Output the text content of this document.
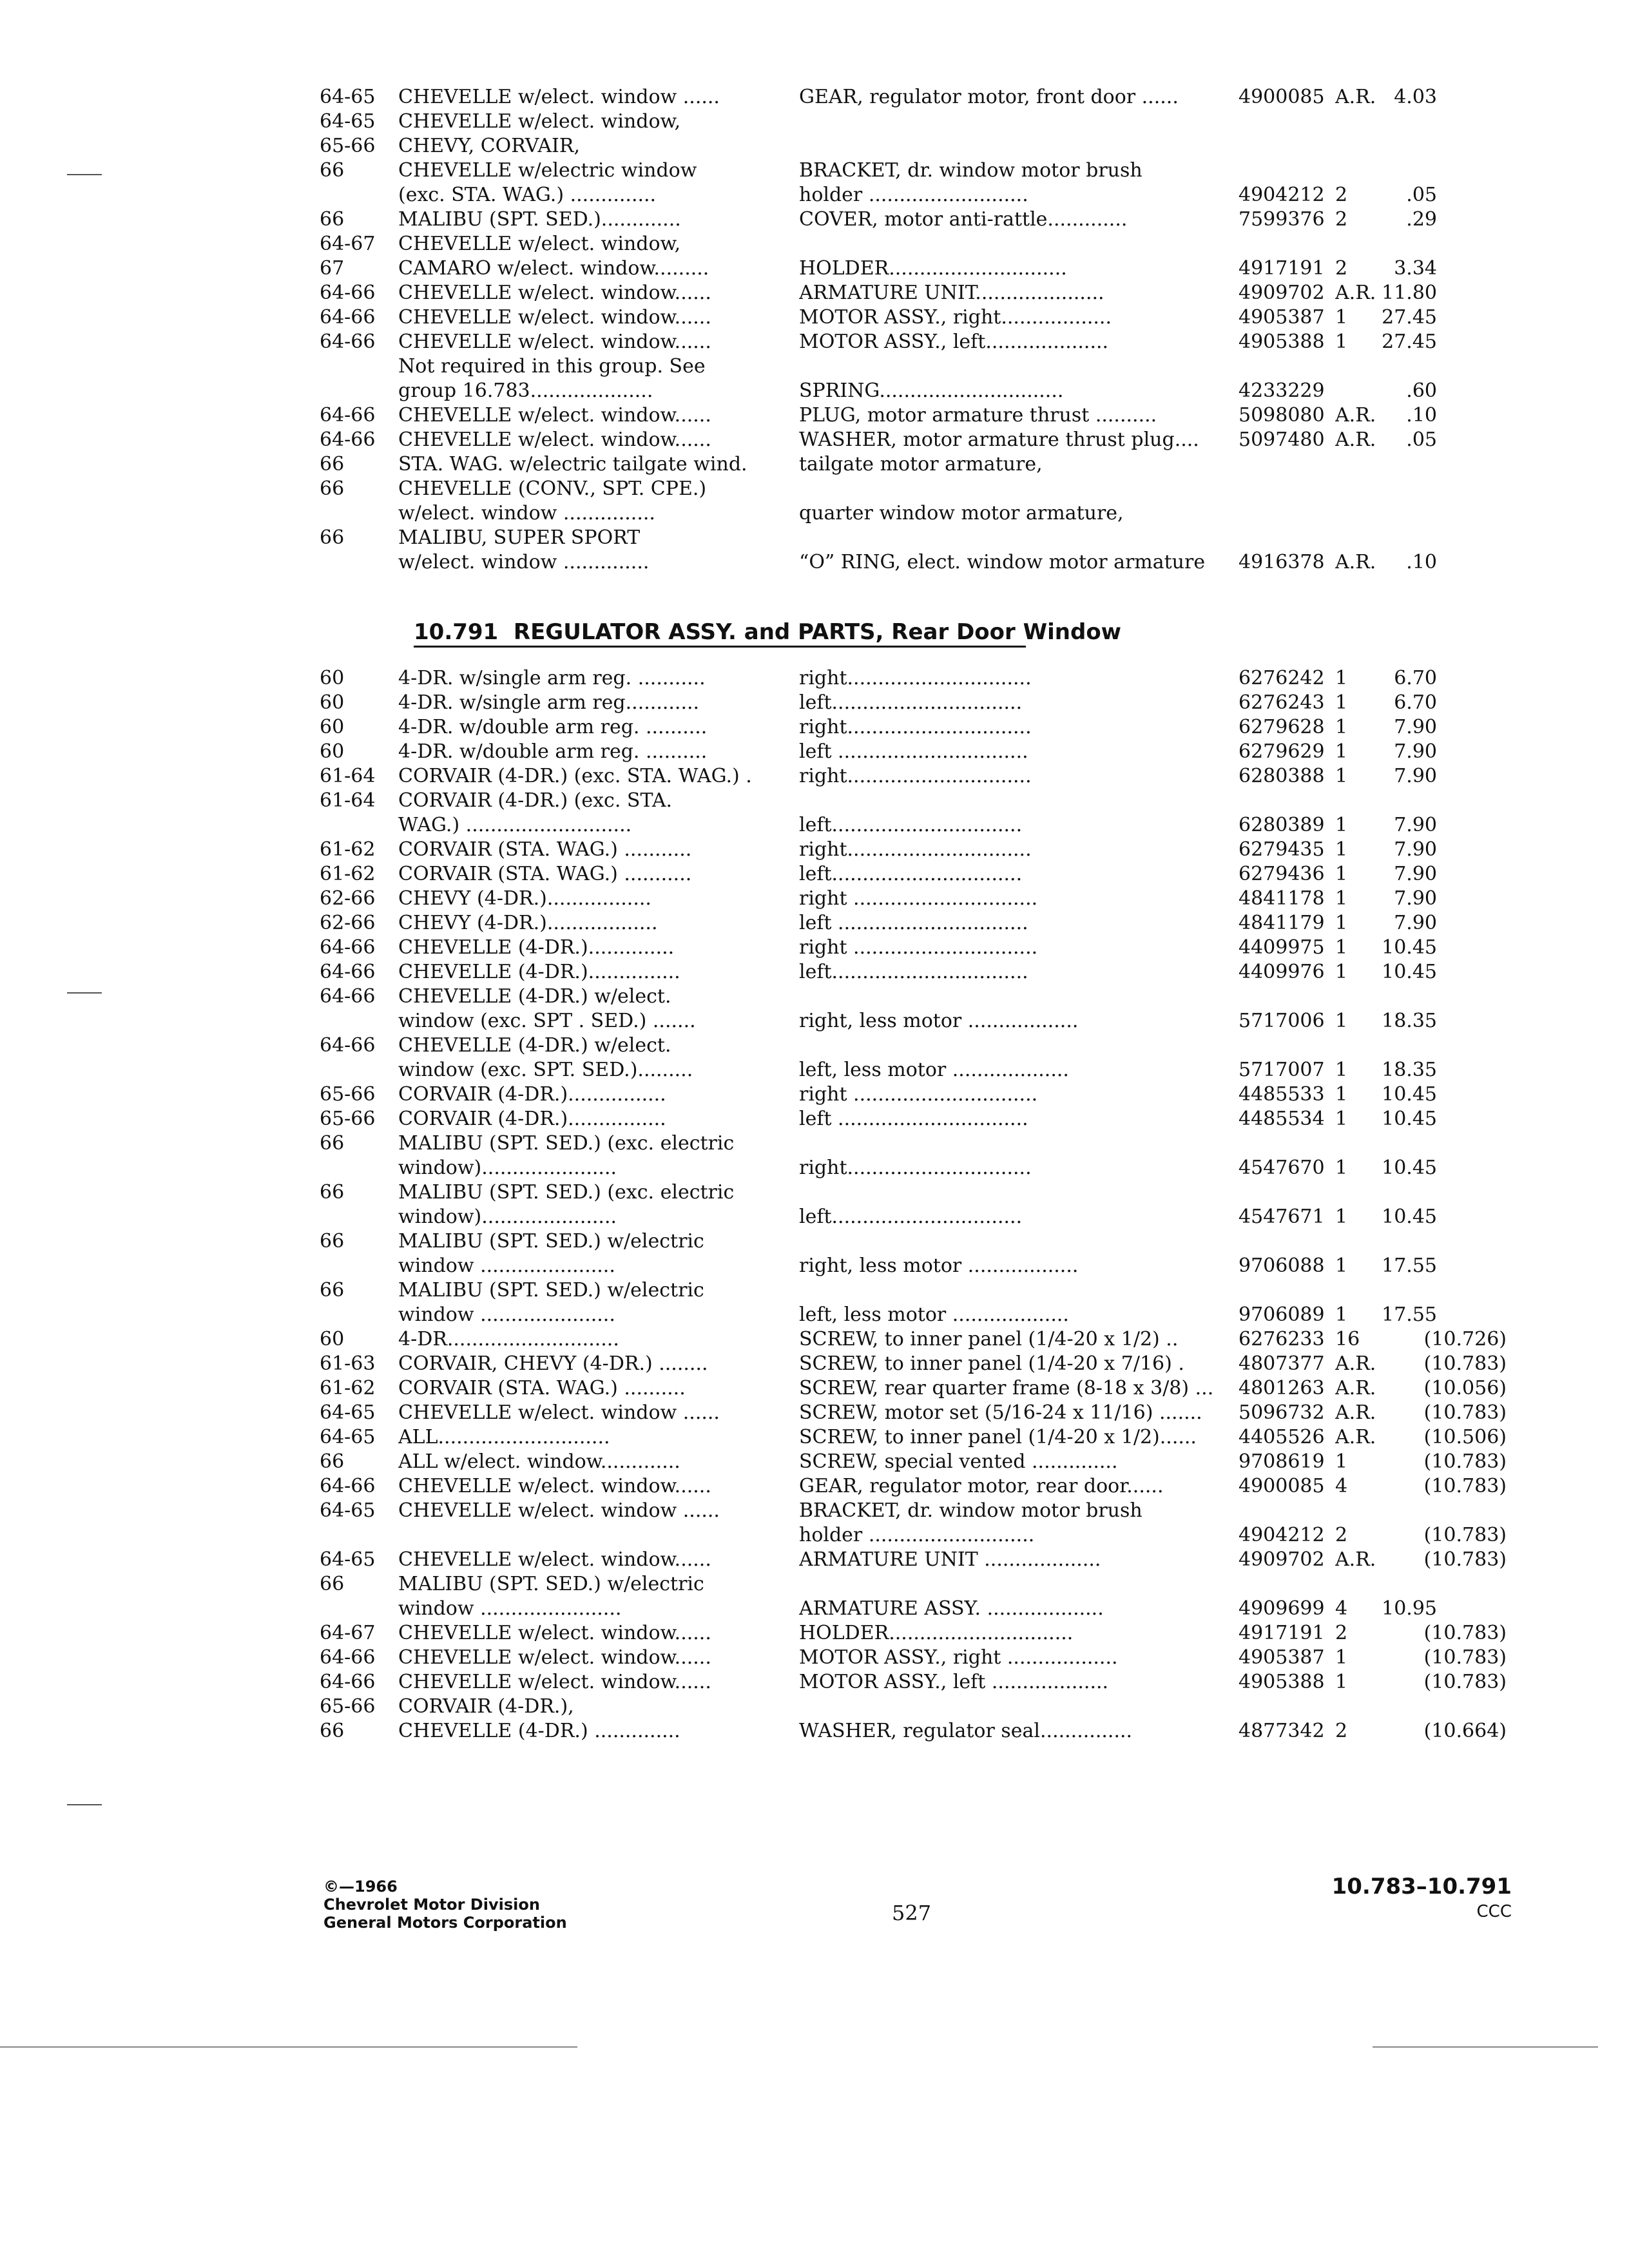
64-65	CHEVELLE w/elect. window ......	GEAR, regulator motor, front door ......	4900085 A.R. 4.03
64-65	CHEVELLE w/elect. window,
65-66	CHEVY, CORVAIR,
66	CHEVELLE w/electric window	BRACKET, dr. window motor brush
(exc. STA. WAG.) ..............	holder ..........................	4904212 2	.05
66	MALIBU (SPT. SED.).............	COVER, motor anti-rattle.............	7599376 2	.29
64-67	CHEVELLE w/elect. window,
67	CAMARO w/elect. window.........	HOLDER.............................	4917191 2	3.34
64-66	CHEVELLE w/elect. window......	ARMATURE UNIT.....................	4909702 A.R. 11.80
64-66	CHEVELLE w/elect. window......	MOTOR ASSY., right..................	4905387 1	27.45
64-66	CHEVELLE w/elect. window......	MOTOR ASSY., left....................	4905388 1	27.45
Not required in this group. See
group 16.783....................	SPRING..............................	4233229	.60
64-66	CHEVELLE w/elect. window......	PLUG, motor armature thrust ..........	5098080 A.R.	.10
64-66	CHEVELLE w/elect. window......	WASHER, motor armature thrust plug....	5097480 A.R.	.05
66	STA. WAG. w/electric tailgate wind.	tailgate motor armature,
66	CHEVELLE (CONV., SPT. CPE.)
w/elect. window ...............	quarter window motor armature,
66	MALIBU, SUPER SPORT
w/elect. window ..............	“O” RING, elect. window motor armature	4916378 A.R.	.10
10.791 REGULATOR ASSY. and PARTS, Rear Door Window
60	4-DR. w/single arm reg. ...........	right..............................	6276242 1	6.70
60	4-DR. w/single arm reg............	left...............................	6276243 1	6.70
60	4-DR. w/double arm reg. ..........	right..............................	6279628 1	7.90
60	4-DR. w/double arm reg. ..........	left ...............................	6279629 1	7.90
61-64	CORVAIR (4-DR.) (exc. STA. WAG.) .	right..............................	6280388 1	7.90
61-64	CORVAIR (4-DR.) (exc. STA.
WAG.) ...........................	left...............................	6280389 1	7.90
61-62	CORVAIR (STA. WAG.) ...........	right..............................	6279435 1	7.90
61-62	CORVAIR (STA. WAG.) ...........	left...............................	6279436 1	7.90
62-66	CHEVY (4-DR.).................	right ..............................	4841178 1	7.90
62-66	CHEVY (4-DR.)..................	left ...............................	4841179 1	7.90
64-66	CHEVELLE (4-DR.)..............	right ..............................	4409975 1	10.45
64-66	CHEVELLE (4-DR.)...............	left................................	4409976 1	10.45
64-66	CHEVELLE (4-DR.) w/elect.
window (exc. SPT . SED.) .......	right, less motor ..................	5717006 1	18.35
64-66	CHEVELLE (4-DR.) w/elect.
window (exc. SPT. SED.).........	left, less motor ...................	5717007 1	18.35
65-66	CORVAIR (4-DR.)................	right ..............................	4485533 1	10.45
65-66	CORVAIR (4-DR.)................	left ...............................	4485534 1	10.45
66	MALIBU (SPT. SED.) (exc. electric
window)......................	right..............................	4547670 1	10.45
66	MALIBU (SPT. SED.) (exc. electric
window)......................	left...............................	4547671 1	10.45
66	MALIBU (SPT. SED.) w/electric
window ......................	right, less motor ..................	9706088 1	17.55
66	MALIBU (SPT. SED.) w/electric
window ......................	left, less motor ...................	9706089 1	17.55
60	4-DR............................	SCREW, to inner panel (1/4-20 x 1/2) ..	6276233 16	(10.726)
61-63	CORVAIR, CHEVY (4-DR.) ........	SCREW, to inner panel (1/4-20 x 7/16) .	4807377 A.R.	(10.783)
61-62	CORVAIR (STA. WAG.) ..........	SCREW, rear quarter frame (8-18 x 3/8) ...	4801263 A.R.	(10.056)
64-65	CHEVELLE w/elect. window ......	SCREW, motor set (5/16-24 x 11/16) .......	5096732 A.R.	(10.783)
64-65	ALL............................	SCREW, to inner panel (1/4-20 x 1/2)......	4405526 A.R.	(10.506)
66	ALL w/elect. window.............	SCREW, special vented ..............	9708619 1	(10.783)
64-66	CHEVELLE w/elect. window......	GEAR, regulator motor, rear door......	4900085 4	(10.783)
64-65	CHEVELLE w/elect. window ......	BRACKET, dr. window motor brush
holder ...........................	4904212 2	(10.783)
64-65	CHEVELLE w/elect. window......	ARMATURE UNIT ...................	4909702 A.R.	(10.783)
66	MALIBU (SPT. SED.) w/electric
window .......................	ARMATURE ASSY. ...................	4909699 4	10.95
64-67	CHEVELLE w/elect. window......	HOLDER..............................	4917191 2	(10.783)
64-66	CHEVELLE w/elect. window......	MOTOR ASSY., right ..................	4905387 1	(10.783)
64-66	CHEVELLE w/elect. window......	MOTOR ASSY., left ...................	4905388 1	(10.783)
65-66	CORVAIR (4-DR.),
66	CHEVELLE (4-DR.) ..............	WASHER, regulator seal...............	4877342 2	(10.664)
©—1966
Chevrolet Motor Division
General Motors Corporation	527
10.783–10.791
CCC
